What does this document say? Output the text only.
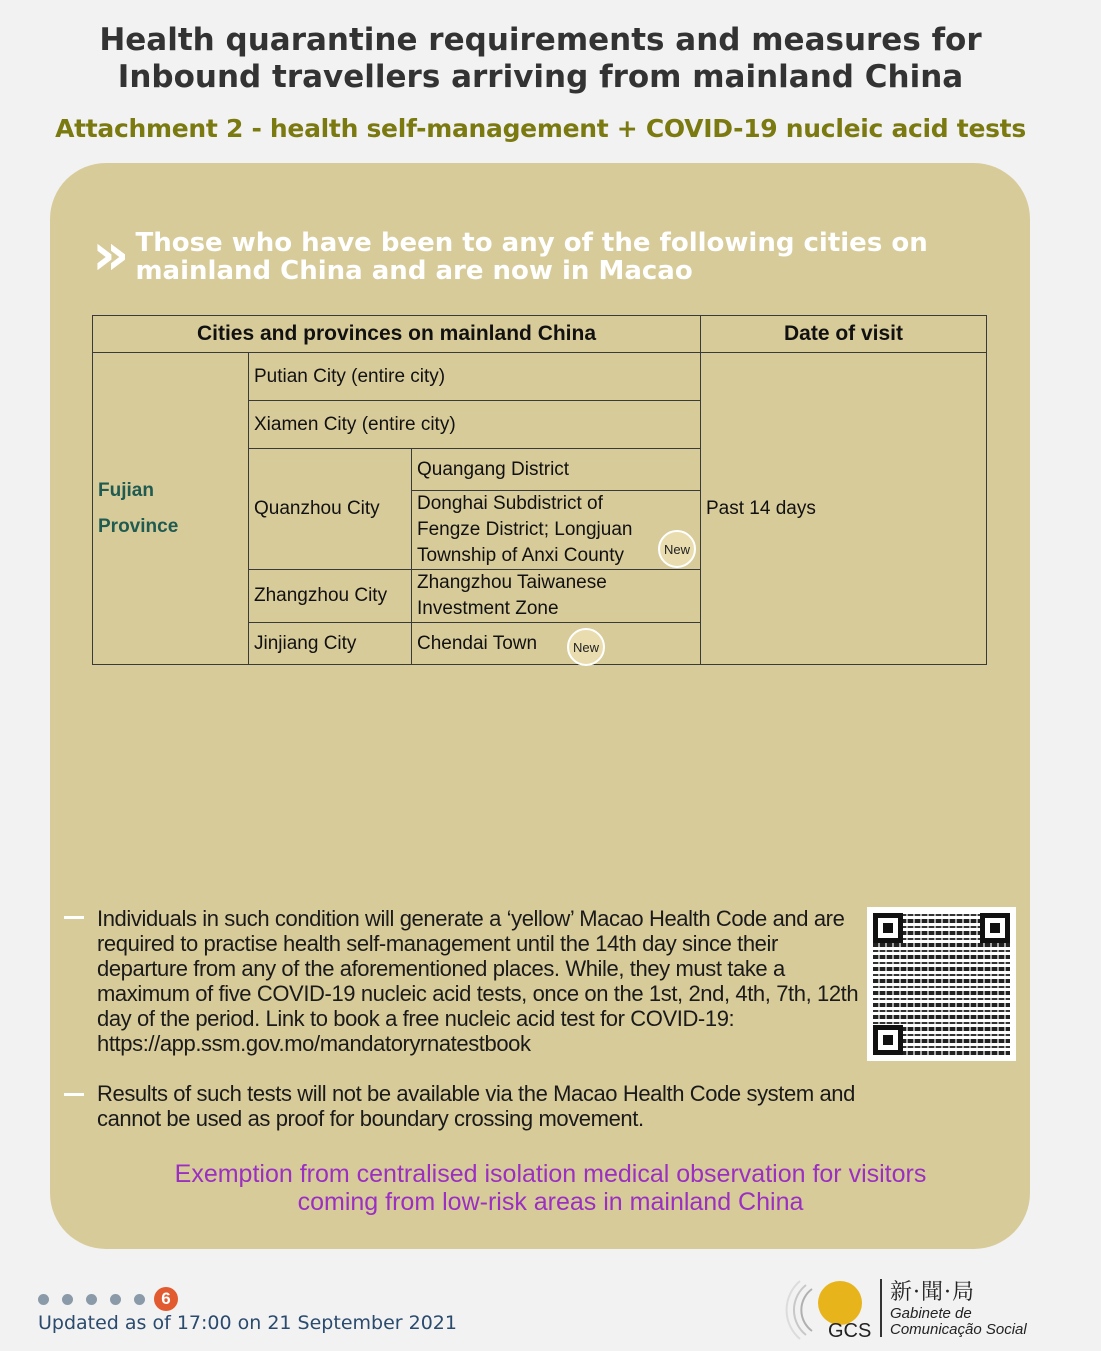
Health quarantine requirements and measures for
Inbound travellers arriving from mainland China
Attachment 2 - health self-management + COVID-19 nucleic acid tests
» Those who have been to any of the following cities on
mainland China and are now in Macao
Cities and provinces on mainland China			Date of visit

Fujian
Province	Putian City (entire city)		Past 14 days
	Xiamen City (entire city)		
	Quanzhou City	Quangang District	
		Donghai Subdistrict of Fengze District; Longjuan Township of Anxi County	
	Zhangzhou City	Zhangzhou Taiwanese Investment Zone	
	Jinjiang City	Chendai Town	
New
New
Individuals in such condition will generate a ‘yellow’ Macao Health Code and are required to practise health self-management until the 14th day since their departure from any of the aforementioned places. While, they must take a maximum of five COVID-19 nucleic acid tests, once on the 1st, 2nd, 4th, 7th, 12th day of the period. Link to book a free nucleic acid test for COVID-19: https://app.ssm.gov.mo/mandatoryrnatestbook
Results of such tests will not be available via the Macao Health Code system and cannot be used as proof for boundary crossing movement.
Exemption from centralised isolation medical observation for visitors
coming from low-risk areas in mainland China
6
Updated as of 17:00 on 21 September 2021	GCS
新·聞·局
Gabinete de
Comunicação Social
